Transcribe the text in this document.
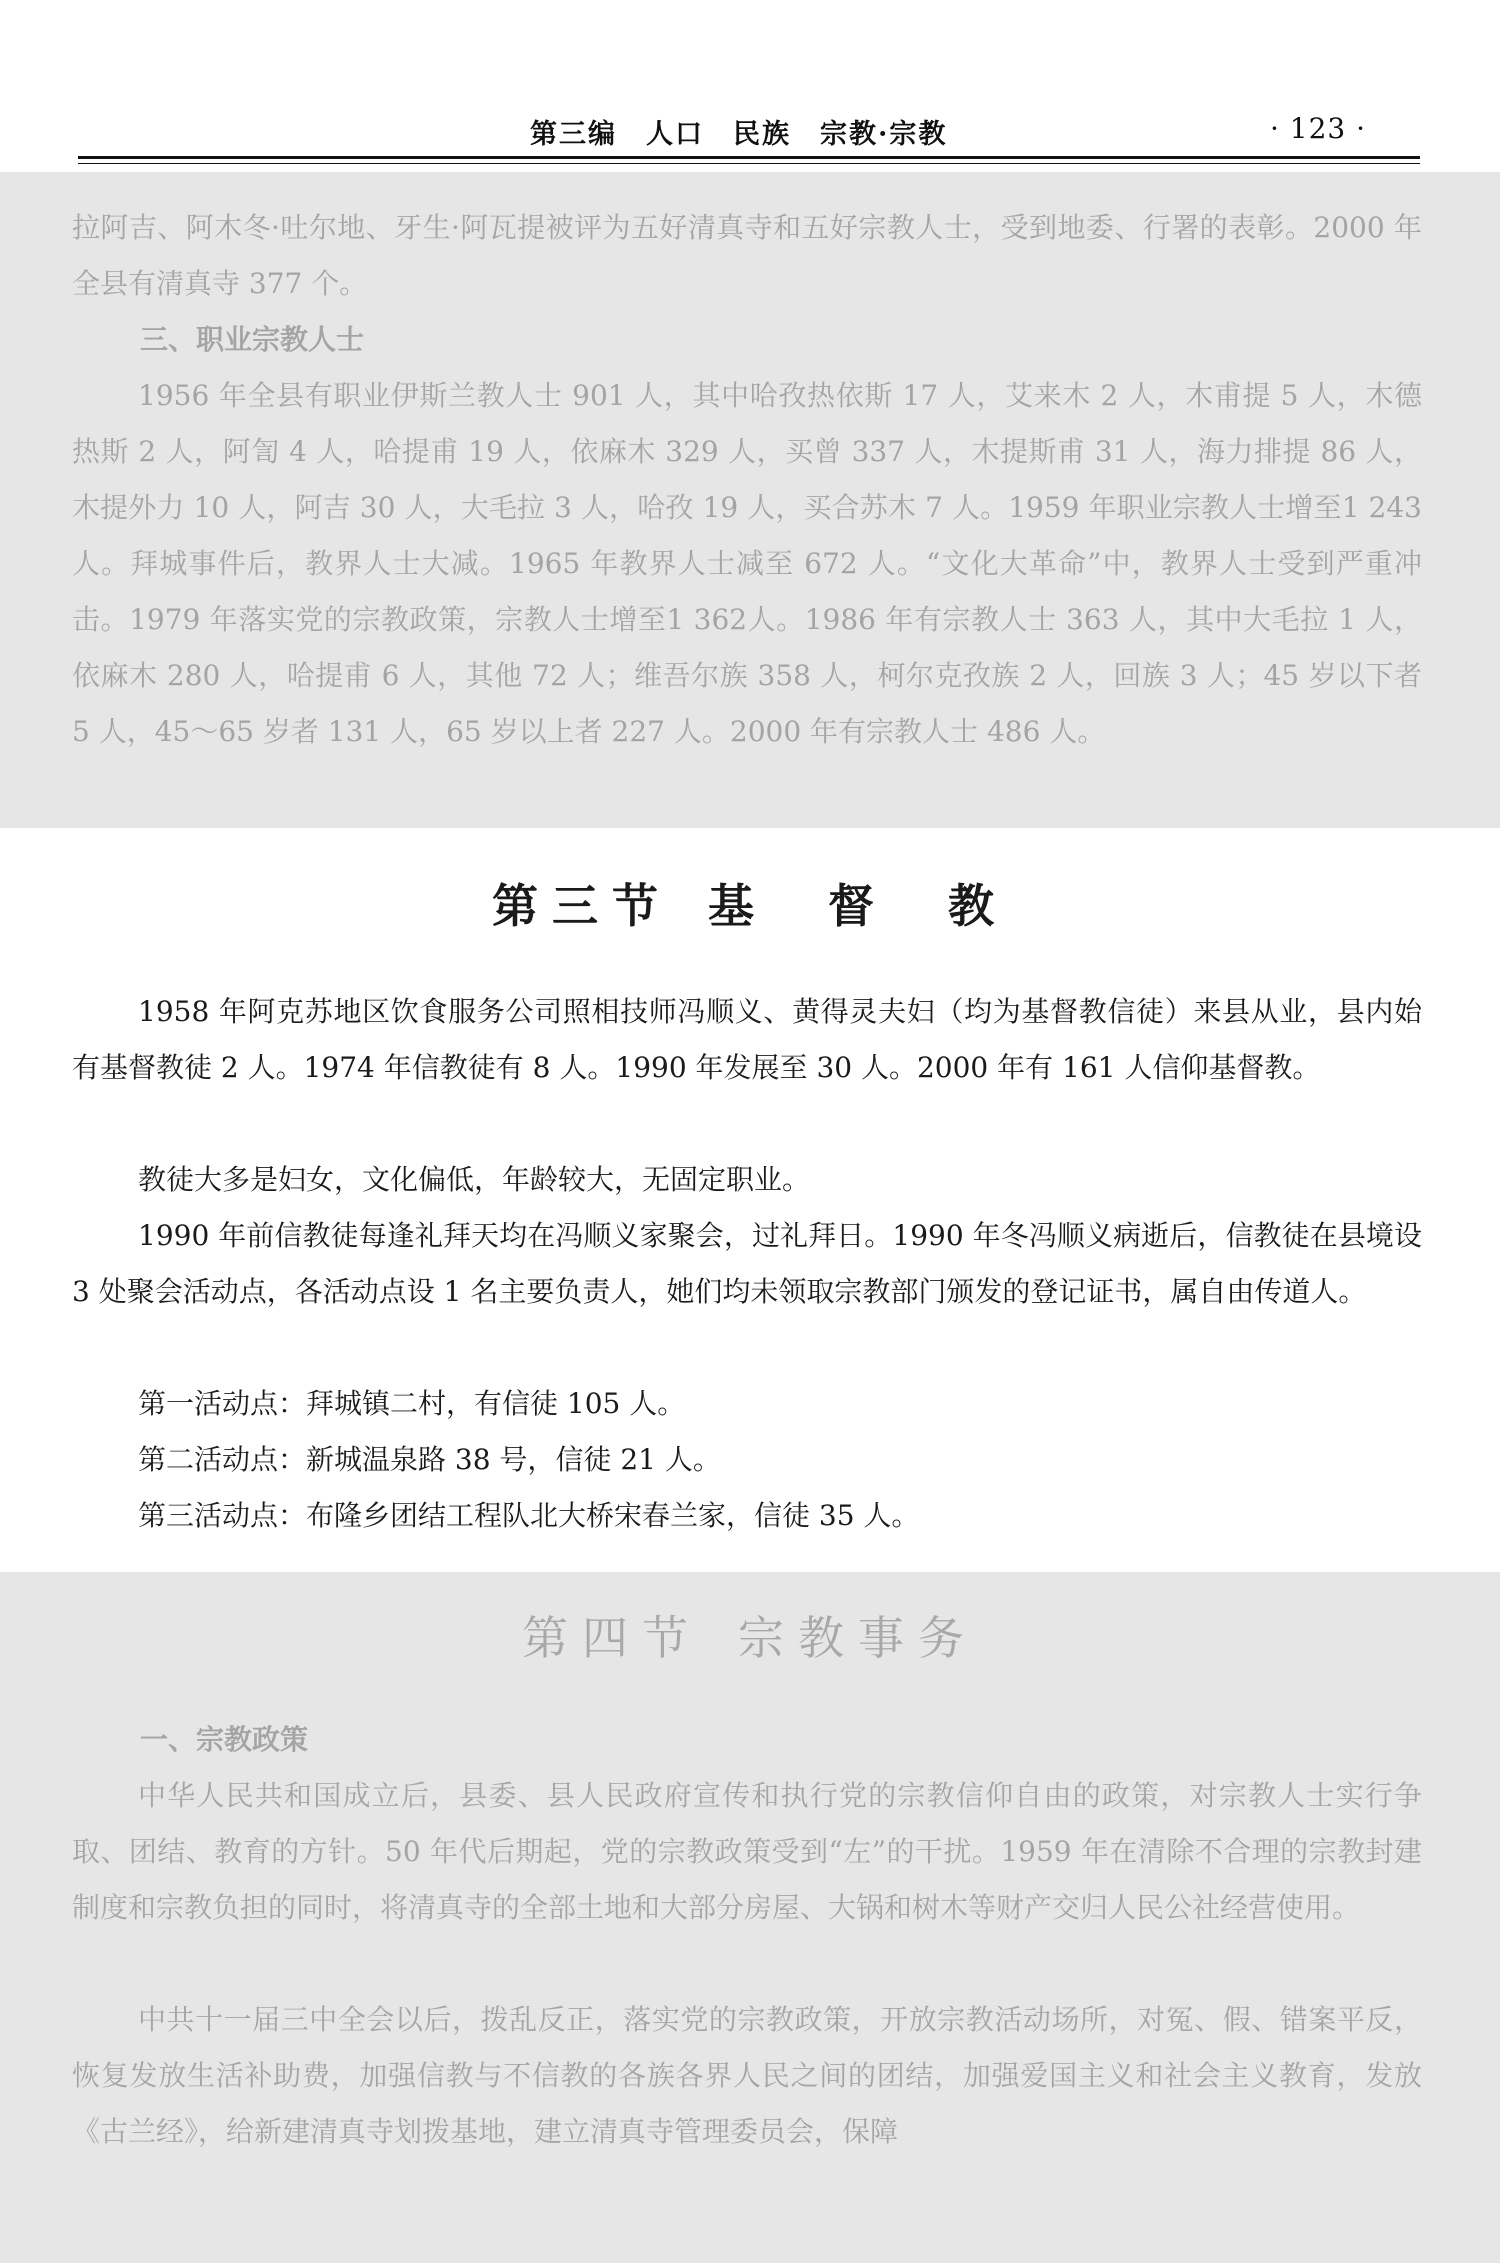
第三编　人口　民族　宗教·宗教	· 123 ·

拉阿吉、阿木冬·吐尔地、牙生·阿瓦提被评为五好清真寺和五好宗教人士，受到地委、行署的表彰。2000 年全县有清真寺 377 个。

三、职业宗教人士

1956 年全县有职业伊斯兰教人士 901 人，其中哈孜热依斯 17 人，艾来木 2 人，木甫提 5 人，木德热斯 2 人，阿訇 4 人，哈提甫 19 人，依麻木 329 人，买曾 337 人，木提斯甫 31 人，海力排提 86 人，木提外力 10 人，阿吉 30 人，大毛拉 3 人，哈孜 19 人，买合苏木 7 人。1959 年职业宗教人士增至1 243人。拜城事件后，教界人士大减。1965 年教界人士减至 672 人。“文化大革命”中，教界人士受到严重冲击。1979 年落实党的宗教政策，宗教人士增至1 362人。1986 年有宗教人士 363 人，其中大毛拉 1 人，依麻木 280 人，哈提甫 6 人，其他 72 人；维吾尔族 358 人，柯尔克孜族 2 人，回族 3 人；45 岁以下者 5 人，45～65 岁者 131 人，65 岁以上者 227 人。2000 年有宗教人士 486 人。

第三节 基　督　教

1958 年阿克苏地区饮食服务公司照相技师冯顺义、黄得灵夫妇（均为基督教信徒）来县从业，县内始有基督教徒 2 人。1974 年信教徒有 8 人。1990 年发展至 30 人。2000 年有 161 人信仰基督教。

教徒大多是妇女，文化偏低，年龄较大，无固定职业。

1990 年前信教徒每逢礼拜天均在冯顺义家聚会，过礼拜日。1990 年冬冯顺义病逝后，信教徒在县境设 3 处聚会活动点，各活动点设 1 名主要负责人，她们均未领取宗教部门颁发的登记证书，属自由传道人。

第一活动点：拜城镇二村，有信徒 105 人。

第二活动点：新城温泉路 38 号，信徒 21 人。

第三活动点：布隆乡团结工程队北大桥宋春兰家，信徒 35 人。

第四节 宗教事务
一、宗教政策

中华人民共和国成立后，县委、县人民政府宣传和执行党的宗教信仰自由的政策，对宗教人士实行争取、团结、教育的方针。50 年代后期起，党的宗教政策受到“左”的干扰。1959 年在清除不合理的宗教封建制度和宗教负担的同时，将清真寺的全部土地和大部分房屋、大锅和树木等财产交归人民公社经营使用。

中共十一届三中全会以后，拨乱反正，落实党的宗教政策，开放宗教活动场所，对冤、假、错案平反，恢复发放生活补助费，加强信教与不信教的各族各界人民之间的团结，加强爱国主义和社会主义教育，发放《古兰经》，给新建清真寺划拨基地，建立清真寺管理委员会，保障
